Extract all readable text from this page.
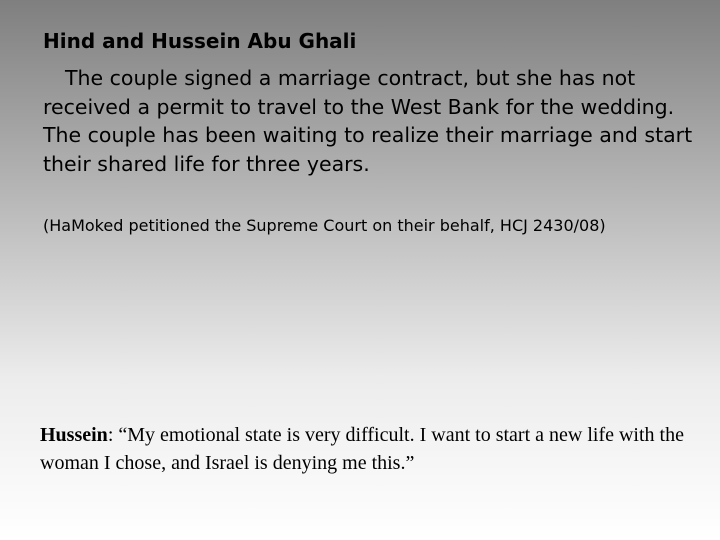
Hind and Hussein Abu Ghali
The couple signed a marriage contract, but she has not received a permit to travel to the West Bank for the wedding. The couple has been waiting to realize their marriage and start their shared life for three years.
(HaMoked petitioned the Supreme Court on their behalf, HCJ 2430/08)
Hussein: “My emotional state is very difficult. I want to start a new life with the woman I chose, and Israel is denying me this.”
